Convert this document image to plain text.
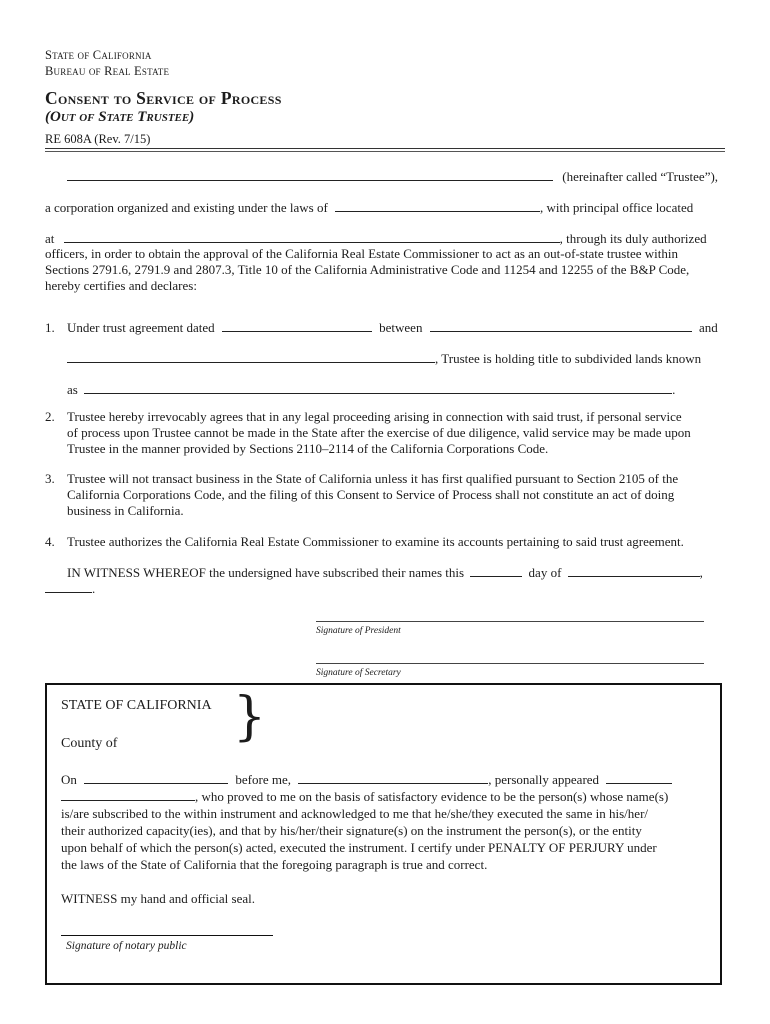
State of California
Bureau of Real Estate
Consent to Service of Process
(Out of State Trustee)
RE 608A (Rev. 7/15)
(hereinafter called “Trustee”),
a corporation organized and existing under the laws of	, with principal office located
at	, through its duly authorized
officers, in order to obtain the approval of the California Real Estate Commissioner to act as an out-of-state trustee within
Sections 2791.6, 2791.9 and 2807.3, Title 10 of the California Administrative Code and 11254 and 12255 of the B&P Code,
hereby certifies and declares:
1. Under trust agreement dated	between	and
, Trustee is holding title to subdivided lands known
as	.
2. Trustee hereby irrevocably agrees that in any legal proceeding arising in connection with said trust, if personal service
of process upon Trustee cannot be made in the State after the exercise of due diligence, valid service may be made upon
Trustee in the manner provided by Sections 2110–2114 of the California Corporations Code.
3. Trustee will not transact business in the State of California unless it has first qualified pursuant to Section 2105 of the
California Corporations Code, and the filing of this Consent to Service of Process shall not constitute an act of doing
business in California.
4. Trustee authorizes the California Real Estate Commissioner to examine its accounts pertaining to said trust agreement.
IN WITNESS WHEREOF the undersigned have subscribed their names this	day of	,
.
Signature of President
Signature of Secretary
STATE OF CALIFORNIA
County of }
On	before me,	, personally appeared
, who proved to me on the basis of satisfactory evidence to be the person(s) whose name(s)
is/are subscribed to the within instrument and acknowledged to me that he/she/they executed the same in his/her/
their authorized capacity(ies), and that by his/her/their signature(s) on the instrument the person(s), or the entity
upon behalf of which the person(s) acted, executed the instrument. I certify under PENALTY OF PERJURY under
the laws of the State of California that the foregoing paragraph is true and correct.
WITNESS my hand and official seal.
Signature of notary public
